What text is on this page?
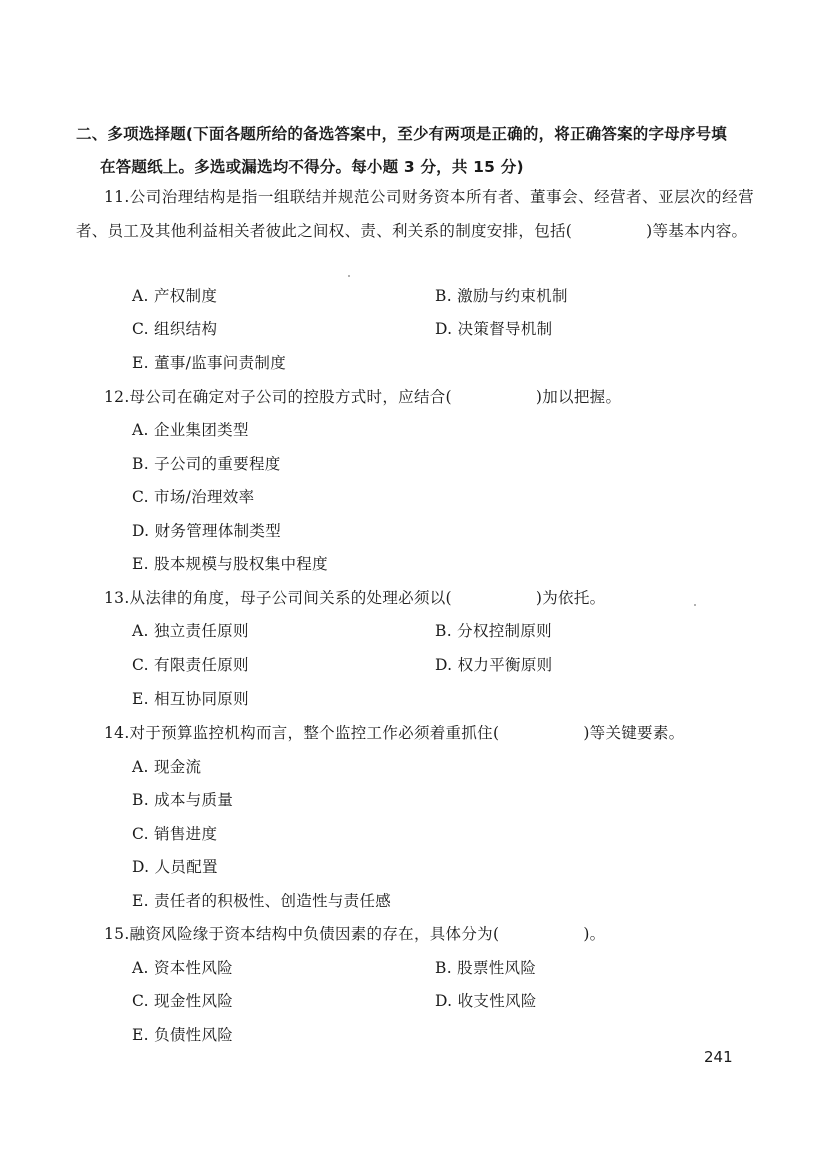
二、多项选择题(下面各题所给的备选答案中，至少有两项是正确的，将正确答案的字母序号填
在答题纸上。多选或漏选均不得分。每小题 3 分，共 15 分)

11.公司治理结构是指一组联结并规范公司财务资本所有者、董事会、经营者、亚层次的经营者、员工及其他利益相关者彼此之间权、责、利关系的制度安排，包括(	)等基本内容。

A. 产权制度	B. 激励与约束机制
C. 组织结构	D. 决策督导机制
E. 董事/监事问责制度

12.母公司在确定对子公司的控股方式时，应结合(	)加以把握。

A. 企业集团类型
B. 子公司的重要程度
C. 市场/治理效率
D. 财务管理体制类型
E. 股本规模与股权集中程度

13.从法律的角度，母子公司间关系的处理必须以(	)为依托。

A. 独立责任原则	B. 分权控制原则
C. 有限责任原则	D. 权力平衡原则
E. 相互协同原则

14.对于预算监控机构而言，整个监控工作必须着重抓住(	)等关键要素。

A. 现金流
B. 成本与质量
C. 销售进度
D. 人员配置
E. 责任者的积极性、创造性与责任感

15.融资风险缘于资本结构中负债因素的存在，具体分为(	)。

A. 资本性风险	B. 股票性风险
C. 现金性风险	D. 收支性风险
E. 负债性风险
241
